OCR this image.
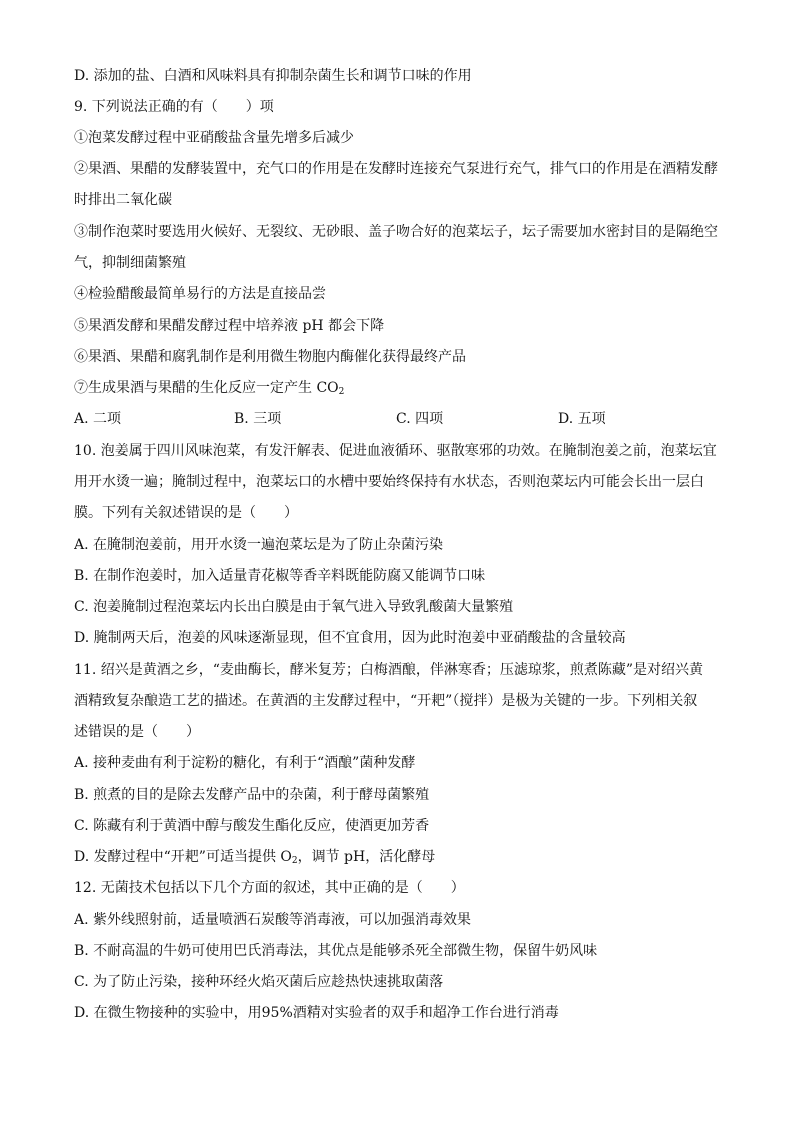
D. 添加的盐、白酒和风味料具有抑制杂菌生长和调节口味的作用
9. 下列说法正确的有（　　）项
①泡菜发酵过程中亚硝酸盐含量先增多后减少
②果酒、果醋的发酵装置中，充气口的作用是在发酵时连接充气泵进行充气，排气口的作用是在酒精发酵
时排出二氧化碳
③制作泡菜时要选用火候好、无裂纹、无砂眼、盖子吻合好的泡菜坛子，坛子需要加水密封目的是隔绝空
气，抑制细菌繁殖
④检验醋酸最简单易行的方法是直接品尝
⑤果酒发酵和果醋发酵过程中培养液 pH 都会下降
⑥果酒、果醋和腐乳制作是利用微生物胞内酶催化获得最终产品
⑦生成果酒与果醋的生化反应一定产生 $CO_2$
A. 二项	B. 三项	C. 四项	D. 五项
10. 泡姜属于四川风味泡菜，有发汗解表、促进血液循环、驱散寒邪的功效。在腌制泡姜之前，泡菜坛宜
用开水烫一遍；腌制过程中，泡菜坛口的水槽中要始终保持有水状态，否则泡菜坛内可能会长出一层白
膜。下列有关叙述错误的是（　　）
A. 在腌制泡姜前，用开水烫一遍泡菜坛是为了防止杂菌污染
B. 在制作泡姜时，加入适量青花椒等香辛料既能防腐又能调节口味
C. 泡姜腌制过程泡菜坛内长出白膜是由于氧气进入导致乳酸菌大量繁殖
D. 腌制两天后，泡姜的风味逐渐显现，但不宜食用，因为此时泡姜中亚硝酸盐的含量较高
11. 绍兴是黄酒之乡，“麦曲酶长，酵米复芳；白梅酒酿，伴淋寒香；压滤琼浆，煎煮陈藏”是对绍兴黄
酒精致复杂酿造工艺的描述。在黄酒的主发酵过程中，“开耙”（搅拌）是极为关键的一步。下列相关叙
述错误的是（　　）
A. 接种麦曲有利于淀粉的糖化，有利于“酒酿”菌种发酵
B. 煎煮的目的是除去发酵产品中的杂菌，利于酵母菌繁殖
C. 陈藏有利于黄酒中醇与酸发生酯化反应，使酒更加芳香
D. 发酵过程中“开耙”可适当提供 $O_2$，调节 pH，活化酵母
12. 无菌技术包括以下几个方面的叙述，其中正确的是（　　）
A. 紫外线照射前，适量喷洒石炭酸等消毒液，可以加强消毒效果
B. 不耐高温的牛奶可使用巴氏消毒法，其优点是能够杀死全部微生物，保留牛奶风味
C. 为了防止污染，接种环经火焰灭菌后应趁热快速挑取菌落
D. 在微生物接种的实验中，用95%酒精对实验者的双手和超净工作台进行消毒
